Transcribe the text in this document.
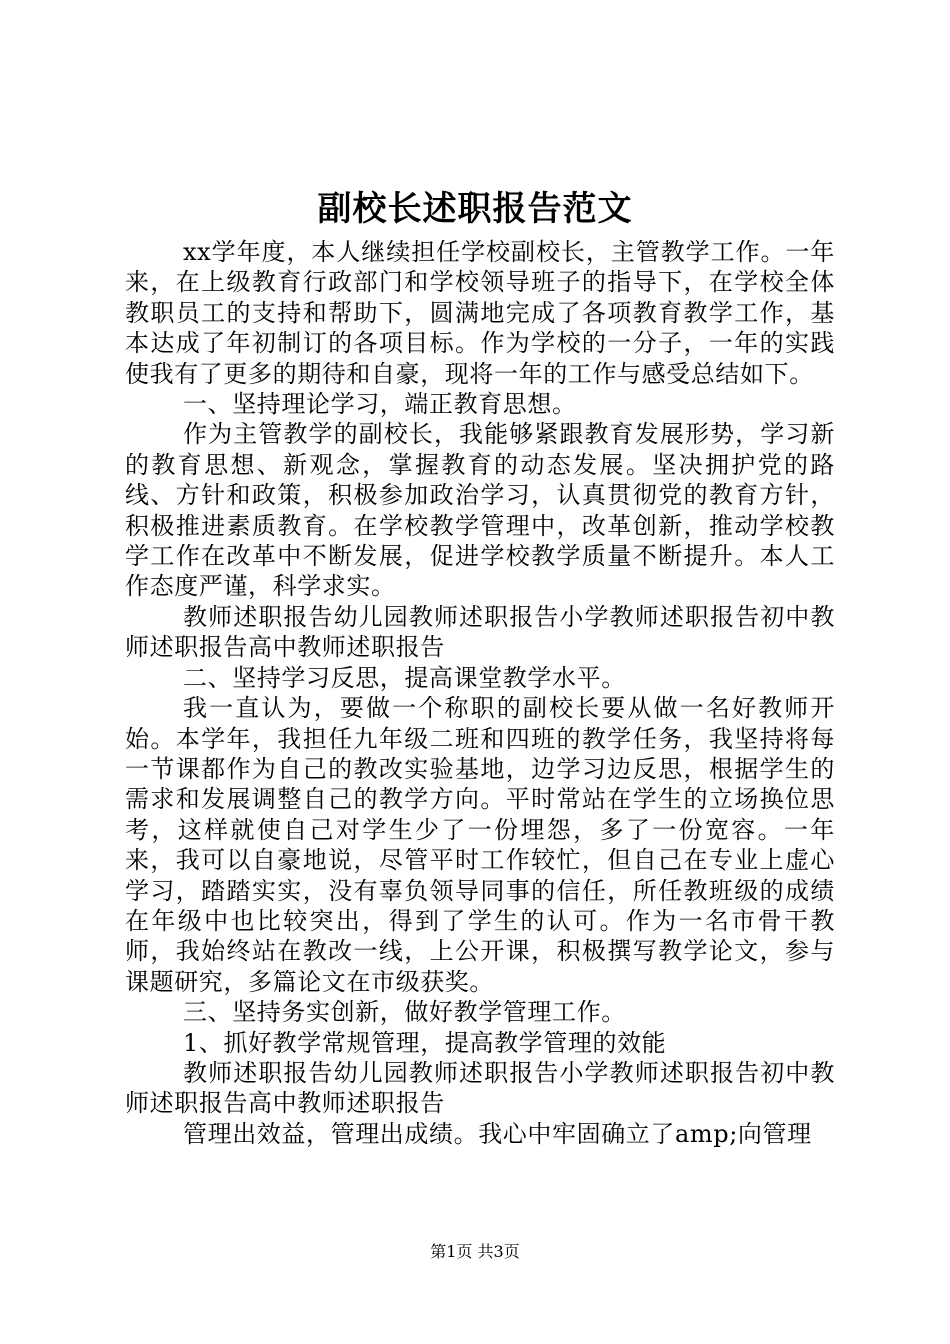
副校长述职报告范文

xx学年度，本人继续担任学校副校长，主管教学工作。一年来，在上级教育行政部门和学校领导班子的指导下，在学校全体教职员工的支持和帮助下，圆满地完成了各项教育教学工作，基本达成了年初制订的各项目标。作为学校的一分子，一年的实践使我有了更多的期待和自豪，现将一年的工作与感受总结如下。

一、坚持理论学习，端正教育思想。

作为主管教学的副校长，我能够紧跟教育发展形势，学习新的教育思想、新观念，掌握教育的动态发展。坚决拥护党的路线、方针和政策，积极参加政治学习，认真贯彻党的教育方针，积极推进素质教育。在学校教学管理中，改革创新，推动学校教学工作在改革中不断发展，促进学校教学质量不断提升。本人工作态度严谨，科学求实。

教师述职报告幼儿园教师述职报告小学教师述职报告初中教师述职报告高中教师述职报告

二、坚持学习反思，提高课堂教学水平。

我一直认为，要做一个称职的副校长要从做一名好教师开始。本学年，我担任九年级二班和四班的教学任务，我坚持将每一节课都作为自己的教改实验基地，边学习边反思，根据学生的需求和发展调整自己的教学方向。平时常站在学生的立场换位思考，这样就使自己对学生少了一份埋怨，多了一份宽容。一年来，我可以自豪地说，尽管平时工作较忙，但自己在专业上虚心学习，踏踏实实，没有辜负领导同事的信任，所任教班级的成绩在年级中也比较突出，得到了学生的认可。作为一名市骨干教师，我始终站在教改一线，上公开课，积极撰写教学论文，参与课题研究，多篇论文在市级获奖。

三、坚持务实创新，做好教学管理工作。

1、抓好教学常规管理，提高教学管理的效能

教师述职报告幼儿园教师述职报告小学教师述职报告初中教师述职报告高中教师述职报告

管理出效益，管理出成绩。我心中牢固确立了amp;向管理

第1页 共3页
